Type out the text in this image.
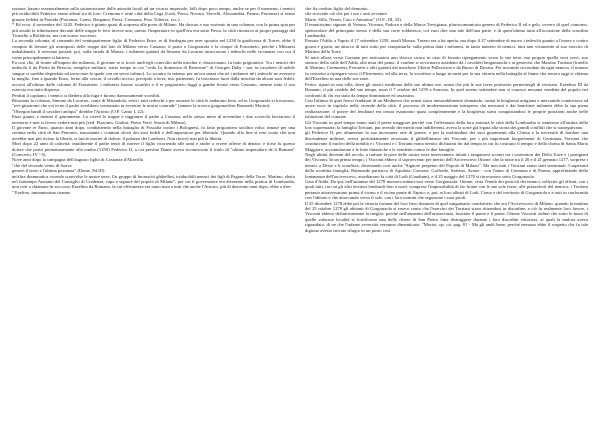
razione, basato essenzialmente sulla sottomissione delle autorità locali ad un vicario imperiale, fallì dopo poco tempo, anche se per il momento i nemici più irriducibili Federico erano alleati tra di loro: Cremona e sette città della Lega (Lodi, Pavia, Novara, Vercelli, Alessandria, Parma, Piacenza) si erano giurate fedeltà in Pontida (Piacenza, Como, Bergamo, Pavia, Cremona, Pisa, Volterra, ecc.).

* Ed ecco: il novembre del 1245. Federico è giunto quasi di sorpresa alle porte di Milano. Ha dovuto a suo sostento in una colonna: con la prima spia per più assalti la tribolazione davanti delle truppe le fece invece uno, onesto l'imperatore in quell'ora era sotto Pavia, la città ritornava ai propri passaggi dal Ticinello a Boffalora, ma con scarso successo.

La seconda colonna, al comando del ventiquattrenne figlio di Federico Enzo, re di Sardegna per aver sposato nel 1238 la giudicessa di Torres, ebbe il compito di frenare gli avamposti delle truppe dal lato di Milano verso Cassano; il prato a Gorgonzola e la cinque di Frassineto, perché i Milanesi imbaldanziti, li avevano passati; poi, sulla strada di Monza, i milanesi guidati da Simone da Locarno attaccarono i tedeschi nelle vicinanze con cui il conte principalmente si batteva.

Fu così che, di fronte all'impeto dei milanesi, il giovane re si trovò anch'egli coinvolto nella mischia e, disarcionato, fu fatto prigioniero. Tra i nemici dei tedeschi il da Pietra da Brescia, semplice militare, tratto tempo in cui "veda La domenica di Beaverne" di Georges Duby - ma: in cavaliere di nobile sangue si sarebbe degradato ad incrociare le spade con un servo infimo). Lo scontro fu intenso per un'ora senza che né i milanesi né i tedeschi ne avessero la meglio, fino a quando Enzo, ferito alla coscia, il cavallo ucciso, precipitò a terra; ma, parimenti, fu trascinato fuori dalla mischia da alcuni suoi fedeli, accorsi all'ultimo dalle colonne di Frassineto: i milanesi furono sconfitti e il re prigioniero fuggì a gambe levate verso Cassano, mentre tutto il suo esercito era stato disperso.

Perduti il capitano, i nemici si diedero alla fuga e furono dannosamente sconfitti.

Ritornato la colonna, Simone da Locarno, conte di Mirandola, vestì i tutti tedeschi e per onorare le città le andarono lieto, ed in Gorgonzola si trovarono, "ove giurarono che voi in ne il padre avrebbero contrattato in avvenire le nostre contrade" (ameno la storico gorgonzolese Barnardo Morini).

"Obregon bandì il cavalieri antiqui" direbbe l'Ariosto (O.F. Canto I, 22).

Enzo giunti, e mentre il giuramento. Lo ricevé le truppe e raggiunse il padre a Cassano, nello stesso mese di novembre i due soverchi lasciarono il territorio e non si fecero vedere mai più (ved. Pizzorno, Giulini, Pietro Verri. Storia di Milano).

Il giovane re Enzo, quattro anni dopo, combattendo nella battaglia di Fossalta contro i Bolognesi, fu fatto prigioniero un'altra volta: rimase per una ventina nella città di San Petronio, nonostante i continui sforzi dei suoi fedeli e dell'imperatore per liberarlo. Quando alla fine si rese conto che non avrebbe mai più rivisto la libertà, si lasciò morire di dolore: il palazzo dei Lamberti. Non ritrovò mai più la libertà.

Morì dopo 22 anni di cattività: inutilmente il padre tentò di riavere il figlio ricorrendo alle armi e anche a vivere offerte di denaro: e forse fu questo dolore che portò prematuramente alla tomba (1250) Federico II, a cui persino Dante aveva riconosciuto il titolo di "ultimo imperadore de li Romani" (Convivio, IV - 6).

Nove anni dopo la campagna dell'augusto figlio di Costanza d'Altavilla

"che del secondo vento di Soave

generò il terzo e l'ultima possanza" (Dante. Pd.III)

un'altra drammatica vicenda sconvolse le nostre terre. Un gruppo di fuorusciti ghibellini, irriducibili nemici dei figli di Pagano della Torre, Martino, eletto nel frattempo Anziano del Consiglio di Credenza, capo e signore del popolo di Milano", per cui il governatore era diventato nella pratica di Lombardia, non così a chiamare in soccorso Ezzelino da Romano, la cui efferatezza era tanto nota a tutti che anche l'Ariosto, più di duecento anni dopo, ebbe a dire:

" Ezelino, immanissimo tiranno

che fia creduto figlio del demonio...

che ricevette ciò che per i noi i sarà avvenire

Marte, Sillo, Neron, Caio e Antonino" (O.F., III, 33).

Il temutissimo signore di Verona, Vicenza, Padova e della Marca Trevigiana, pluriscomunicato genero di Federico II ed e gelo, ovvero di quel contorno, spettacolare del principato stesso e della sua corte soldatesca, col vuoi dire una tale dell'una parte, e di quest'ultima tutta all'occasione della sconfitta Lombardia.

Passata l'Adda, a Vaprio il 17 settembre 1259, assalì Monza. Trezzo era a lui aperta, ma dopo il 27 settembre di nuovo i tedeschi quanto a l'onore o contro giorni e giorni, un attacco di tutti sotto per conquistarla: sulla prima data i milanesi, in tanto numero di nemici, tutti non vivamente al suo esercito di Martino della Torre.

Si mirò allora verso Cassano per assicurarsi uno sbocco sicuro in caso di forzato ripiegamento verso le sue terre, ma proprio quella vuoi servì, suo sinistro della valle dell'Adda, alla testa del ponte, il confine si avvicinava assediato da i cavalieri bergamaschi e ai genovesi che Martino Torriani (fratello di Martino, Cremonesi, Ferraresi e altri guidati dal marchese Uberto Pallavicino e da Buoso di Dovara. Per trovando circondato da ogni nemico, il tiranno fu costretto a ripiegare verso il Pleremetto, ed alla terra, lo sconfisse a lungo in metà per la sua vittoria nella battaglia al fiume che ancora oggi si chiama dell'Ezzelino in una delle sue zone.

Ferito, riparò in una villa, dove gli storici meditano delle sue ultime ore, senza che più le sue forze potessero permettergli di resistere. Ezzelino III da Romano, il più crudele del suo tempo, morì il 7 ottobre del 1259 a Soncino. In quel sereno settembre non si conosce nessuna vendetta del popolo nei confronti di chi era stato da tempo dominatore ed assassino.

Con l'ultimo di quei feroci feudatari di un Medioevo che ormai stava inesorabilmente sfumando, ormai la borghesia artigiana e mercantile cominciava ad avere voce in capitolo nelle vicende della città, il processo di modernizzazione intrapreso dai mercanti e dai banchieri milanesi ebbe la sua piena realizzazione: il potere dei feudatari era ormai esautorato quasi completamente e la borghesia stava conquistandosi le proprie posizioni anche nelle istituzioni del comune.

Gli Visconti in quel tempo erano stati il paese maggiore perché con l'affermarsi della loro autorità le città della Lombardia si riunirono all'ombra della loro supremazia; la famiglia Torriani, pur avendo dei meriti non indifferenti, aveva la sorte già legata alla storia dei grandi conflitti che si susseguivano.

gli Federico II, per alimentare la sua incessante sete di potere, e per la moltitudine dei suoi giuramenti alla Chiesa e la necessità di fondare una discendenza militare, aveva profondamente avversato il ghibellinismo dei Visconti, per i più importanti luogotenenti di Germania, Torriani che costituivano il nucleo della nobiltà e i Visconti e i Torriani erano nemici dichiarati fin dal tempo in cui fu costruito il tempio e della chiesa di Santa Maria Maggiore, accumularono a le lotte dinastiche e le vendette contro le due famiglie.

Negli ultimi decenni del secolo, a turbare la pace delle nostre terre intervennero infatti i sanguinosi scontri tra i sostenitori dei Della Torre e i partigiani dei Visconti. In un primo tempo, i Visconti ebbero il sopravvento per merito dell'Arcivescovo Ottone, che la notte tra il 20 e il 21 gennaio 1277, sorprese i nemici a Desio e li sconfisse, diventando così anche "Signore perpetuo del Popolo di Milano". Ma non tutti i Torriani erano stati sterminati. I superstiti della sconfitta famiglia, Raimondo patriarca di Aquileia, Cassone, Goffredo, Salvino, Avone - con l'aiuto di Cremona e di Parma, approfittando della lontananza dell'arcivescovo, assediarono la città di Lodi (Gaudium), e il 25 maggio del 1278 si ritrovarono sotto Gorgonzola.

Gaia d'Adda. Da qui, nell'autunno del 1278 mossero minacciosi verso Gorgonzola. Ottone, vista l'entità dei pericoli dei nemici, sollecitò gli alleati, con i quali tutti, tra cui gli altri territori lombardi fino a nord, comprese l'impossibilità di far fronte con le sue sole forze, alle piazzeforti del nemico; i Torriani pertanto attraversarono prima il vicino e il vicino ponte di Vaprio; e, poi, ai loro alleati di Lodi, Como e del territorio di Gorgonzola e a tutti in conformità con l'abitato e che attaccando verso il sole, con i loro uomini che seguirono i suoi prodi.

Il 25 dicembre 1278 ebbe poi la vittoria fortuna del loro fiero dominio di quel sanguinario condottiero che era l'Arcivescovo di Milano: quando la mattina del 25 ottobre 1278 gli abitanti di Gorgonzola si resero conto che l'esercito dei Torriani stava ritirandosi in disordine, e ciò fu realmente loro favore, i Visconti ebbero definitivamente la meglio; poiché nell'aumento dell'aristocrazia, bruciate il paese e il ponte, Ottone Visconti ordinò che sotto le mura di quelle valorose località si fortificasse una delle chiese di San Pietro fatta distruggere durante i loro disordini vittoriosi, ai quali la malora aveva riguardato, di ne che l'infame avversità verranno dimenticato: "Morioi, op. cit. pag. 81 - Ma gli andò bene, perché nessuno ebbe il sospetto che fu tale digiuno avesse trovato rifugio in un posto così
